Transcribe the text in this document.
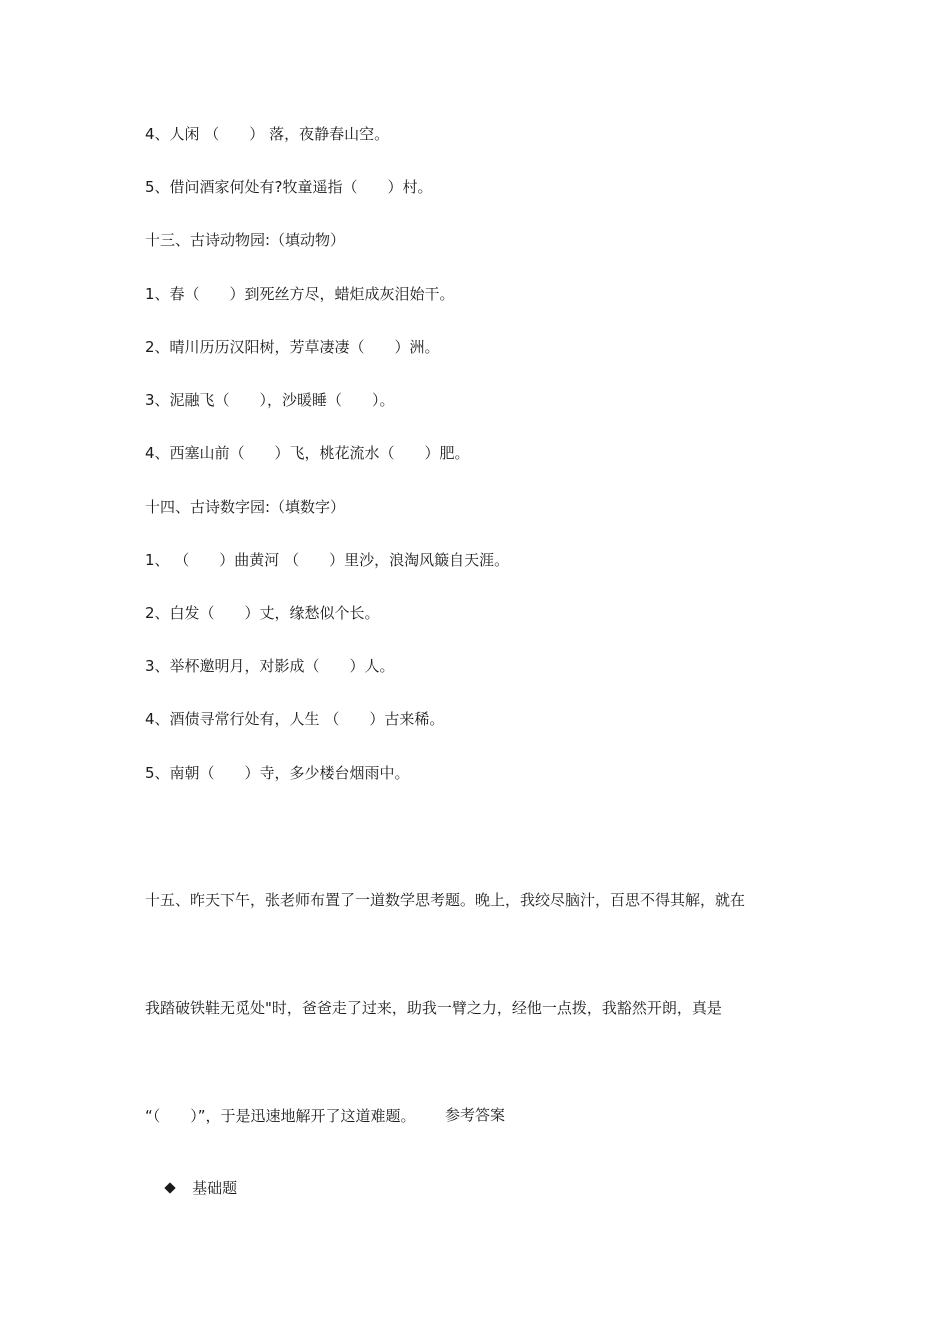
4、人闲 （　　） 落，夜静春山空。
5、借问酒家何处有?牧童遥指（　　）村。
十三、古诗动物园:（填动物）
1、春（　　）到死丝方尽，蜡炬成灰泪始干。
2、晴川历历汉阳树，芳草凄凄（　　）洲。
3、泥融飞（　　），沙暖睡（　　）。
4、西塞山前（　　）飞，桃花流水（　　）肥。
十四、古诗数字园:（填数字）
1、 （　　）曲黄河 （　　）里沙，浪淘风簸自天涯。
2、白发（　　）丈，缘愁似个长。
3、举杯邀明月，对影成（　　）人。
4、酒债寻常行处有，人生 （　　）古来稀。
5、南朝（　　）寺，多少楼台烟雨中。

十五、昨天下午，张老师布置了一道数学思考题。晚上，我绞尽脑汁，百思不得其解，就在

我踏破铁鞋无觅处"时，爸爸走了过来，助我一臂之力，经他一点拨，我豁然开朗，真是

“（　　）”，于是迅速地解开了这道难题。

	参考答案

基础题
